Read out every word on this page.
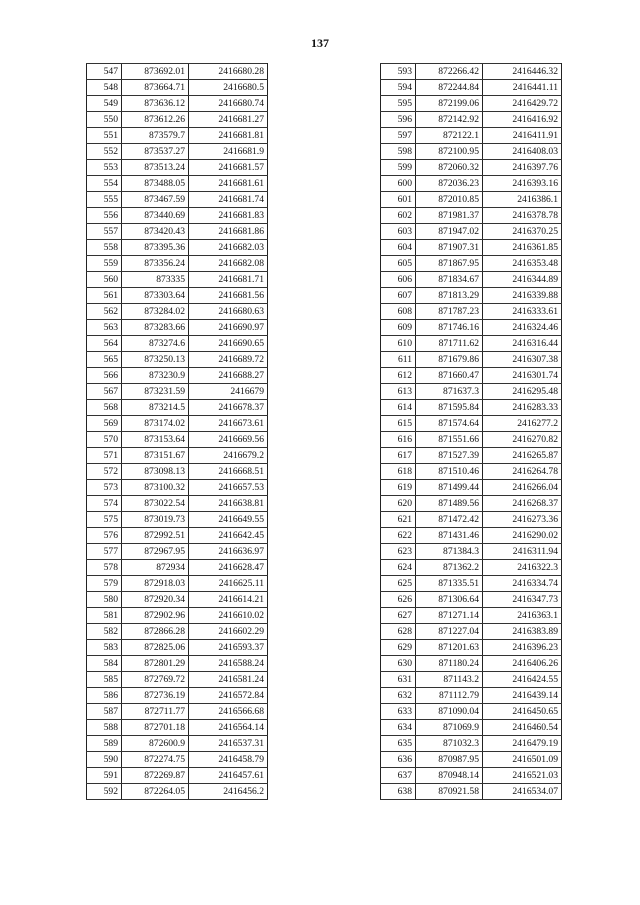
137
547	873692.01	2416680.28
548	873664.71	2416680.5
549	873636.12	2416680.74
550	873612.26	2416681.27
551	873579.7	2416681.81
552	873537.27	2416681.9
553	873513.24	2416681.57
554	873488.05	2416681.61
555	873467.59	2416681.74
556	873440.69	2416681.83
557	873420.43	2416681.86
558	873395.36	2416682.03
559	873356.24	2416682.08
560	873335	2416681.71
561	873303.64	2416681.56
562	873284.02	2416680.63
563	873283.66	2416690.97
564	873274.6	2416690.65
565	873250.13	2416689.72
566	873230.9	2416688.27
567	873231.59	2416679
568	873214.5	2416678.37
569	873174.02	2416673.61
570	873153.64	2416669.56
571	873151.67	2416679.2
572	873098.13	2416668.51
573	873100.32	2416657.53
574	873022.54	2416638.81
575	873019.73	2416649.55
576	872992.51	2416642.45
577	872967.95	2416636.97
578	872934	2416628.47
579	872918.03	2416625.11
580	872920.34	2416614.21
581	872902.96	2416610.02
582	872866.28	2416602.29
583	872825.06	2416593.37
584	872801.29	2416588.24
585	872769.72	2416581.24
586	872736.19	2416572.84
587	872711.77	2416566.68
588	872701.18	2416564.14
589	872600.9	2416537.31
590	872274.75	2416458.79
591	872269.87	2416457.61
592	872264.05	2416456.2
593	872266.42	2416446.32
594	872244.84	2416441.11
595	872199.06	2416429.72
596	872142.92	2416416.92
597	872122.1	2416411.91
598	872100.95	2416408.03
599	872060.32	2416397.76
600	872036.23	2416393.16
601	872010.85	2416386.1
602	871981.37	2416378.78
603	871947.02	2416370.25
604	871907.31	2416361.85
605	871867.95	2416353.48
606	871834.67	2416344.89
607	871813.29	2416339.88
608	871787.23	2416333.61
609	871746.16	2416324.46
610	871711.62	2416316.44
611	871679.86	2416307.38
612	871660.47	2416301.74
613	871637.3	2416295.48
614	871595.84	2416283.33
615	871574.64	2416277.2
616	871551.66	2416270.82
617	871527.39	2416265.87
618	871510.46	2416264.78
619	871499.44	2416266.04
620	871489.56	2416268.37
621	871472.42	2416273.36
622	871431.46	2416290.02
623	871384.3	2416311.94
624	871362.2	2416322.3
625	871335.51	2416334.74
626	871306.64	2416347.73
627	871271.14	2416363.1
628	871227.04	2416383.89
629	871201.63	2416396.23
630	871180.24	2416406.26
631	871143.2	2416424.55
632	871112.79	2416439.14
633	871090.04	2416450.65
634	871069.9	2416460.54
635	871032.3	2416479.19
636	870987.95	2416501.09
637	870948.14	2416521.03
638	870921.58	2416534.07
